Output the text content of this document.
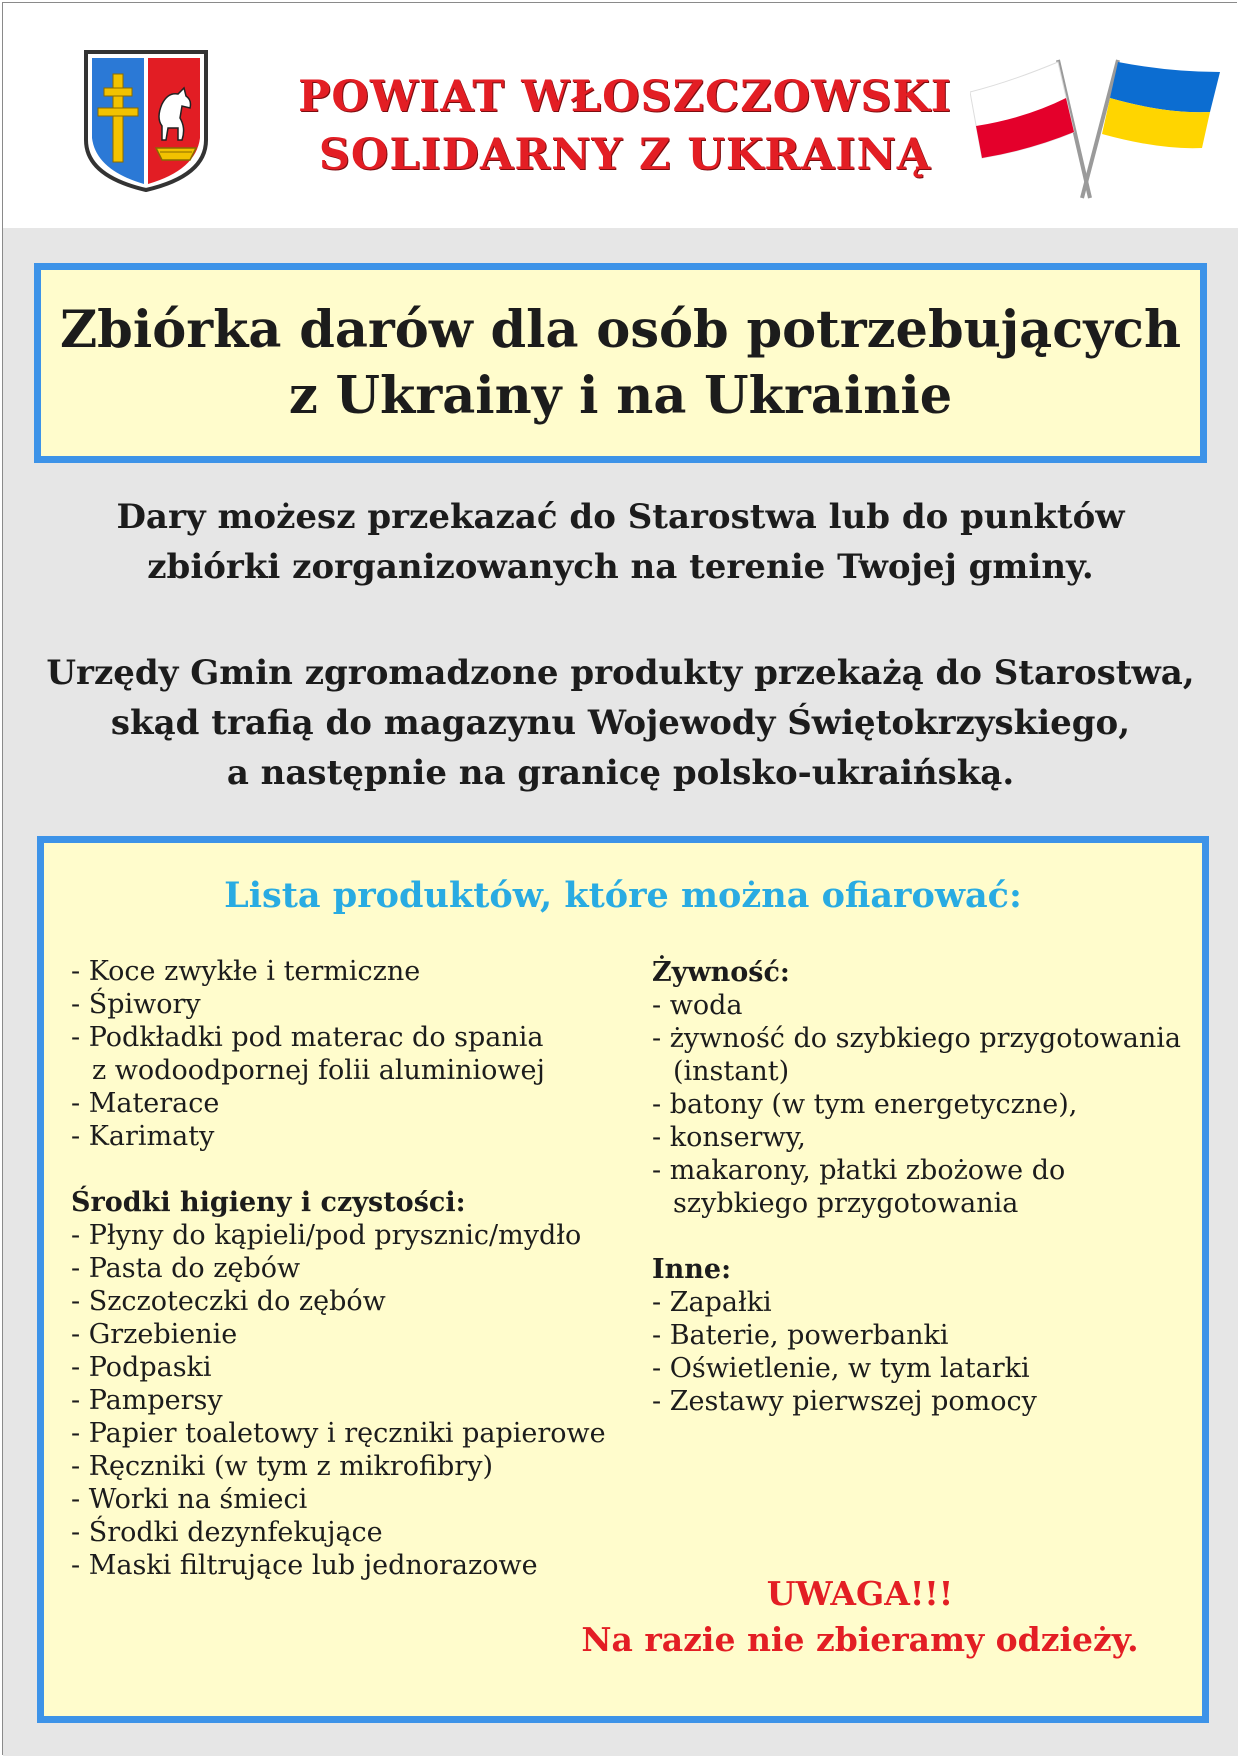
POWIAT WŁOSZCZOWSKI
SOLIDARNY Z UKRAINĄ
Zbiórka darów dla osób potrzebujących
z Ukrainy i na Ukrainie
Dary możesz przekazać do Starostwa lub do punktów
zbiórki zorganizowanych na terenie Twojej gminy.
Urzędy Gmin zgromadzone produkty przekażą do Starostwa,
skąd trafią do magazynu Wojewody Świętokrzyskiego,
a następnie na granicę polsko-ukraińską.
Lista produktów, które można ofiarować:
- Koce zwykłe i termiczne
- Śpiwory
- Podkładki pod materac do spania
z wodoodpornej folii aluminiowej
- Materace
- Karimaty
Środki higieny i czystości:
- Płyny do kąpieli/pod prysznic/mydło
- Pasta do zębów
- Szczoteczki do zębów
- Grzebienie
- Podpaski
- Pampersy
- Papier toaletowy i ręczniki papierowe
- Ręczniki (w tym z mikrofibry)
- Worki na śmieci
- Środki dezynfekujące
- Maski filtrujące lub jednorazowe
Żywność:
- woda
- żywność do szybkiego przygotowania
(instant)
- batony (w tym energetyczne),
- konserwy,
- makarony, płatki zbożowe do
szybkiego przygotowania
Inne:
- Zapałki
- Baterie, powerbanki
- Oświetlenie, w tym latarki
- Zestawy pierwszej pomocy
UWAGA!!!
Na razie nie zbieramy odzieży.
